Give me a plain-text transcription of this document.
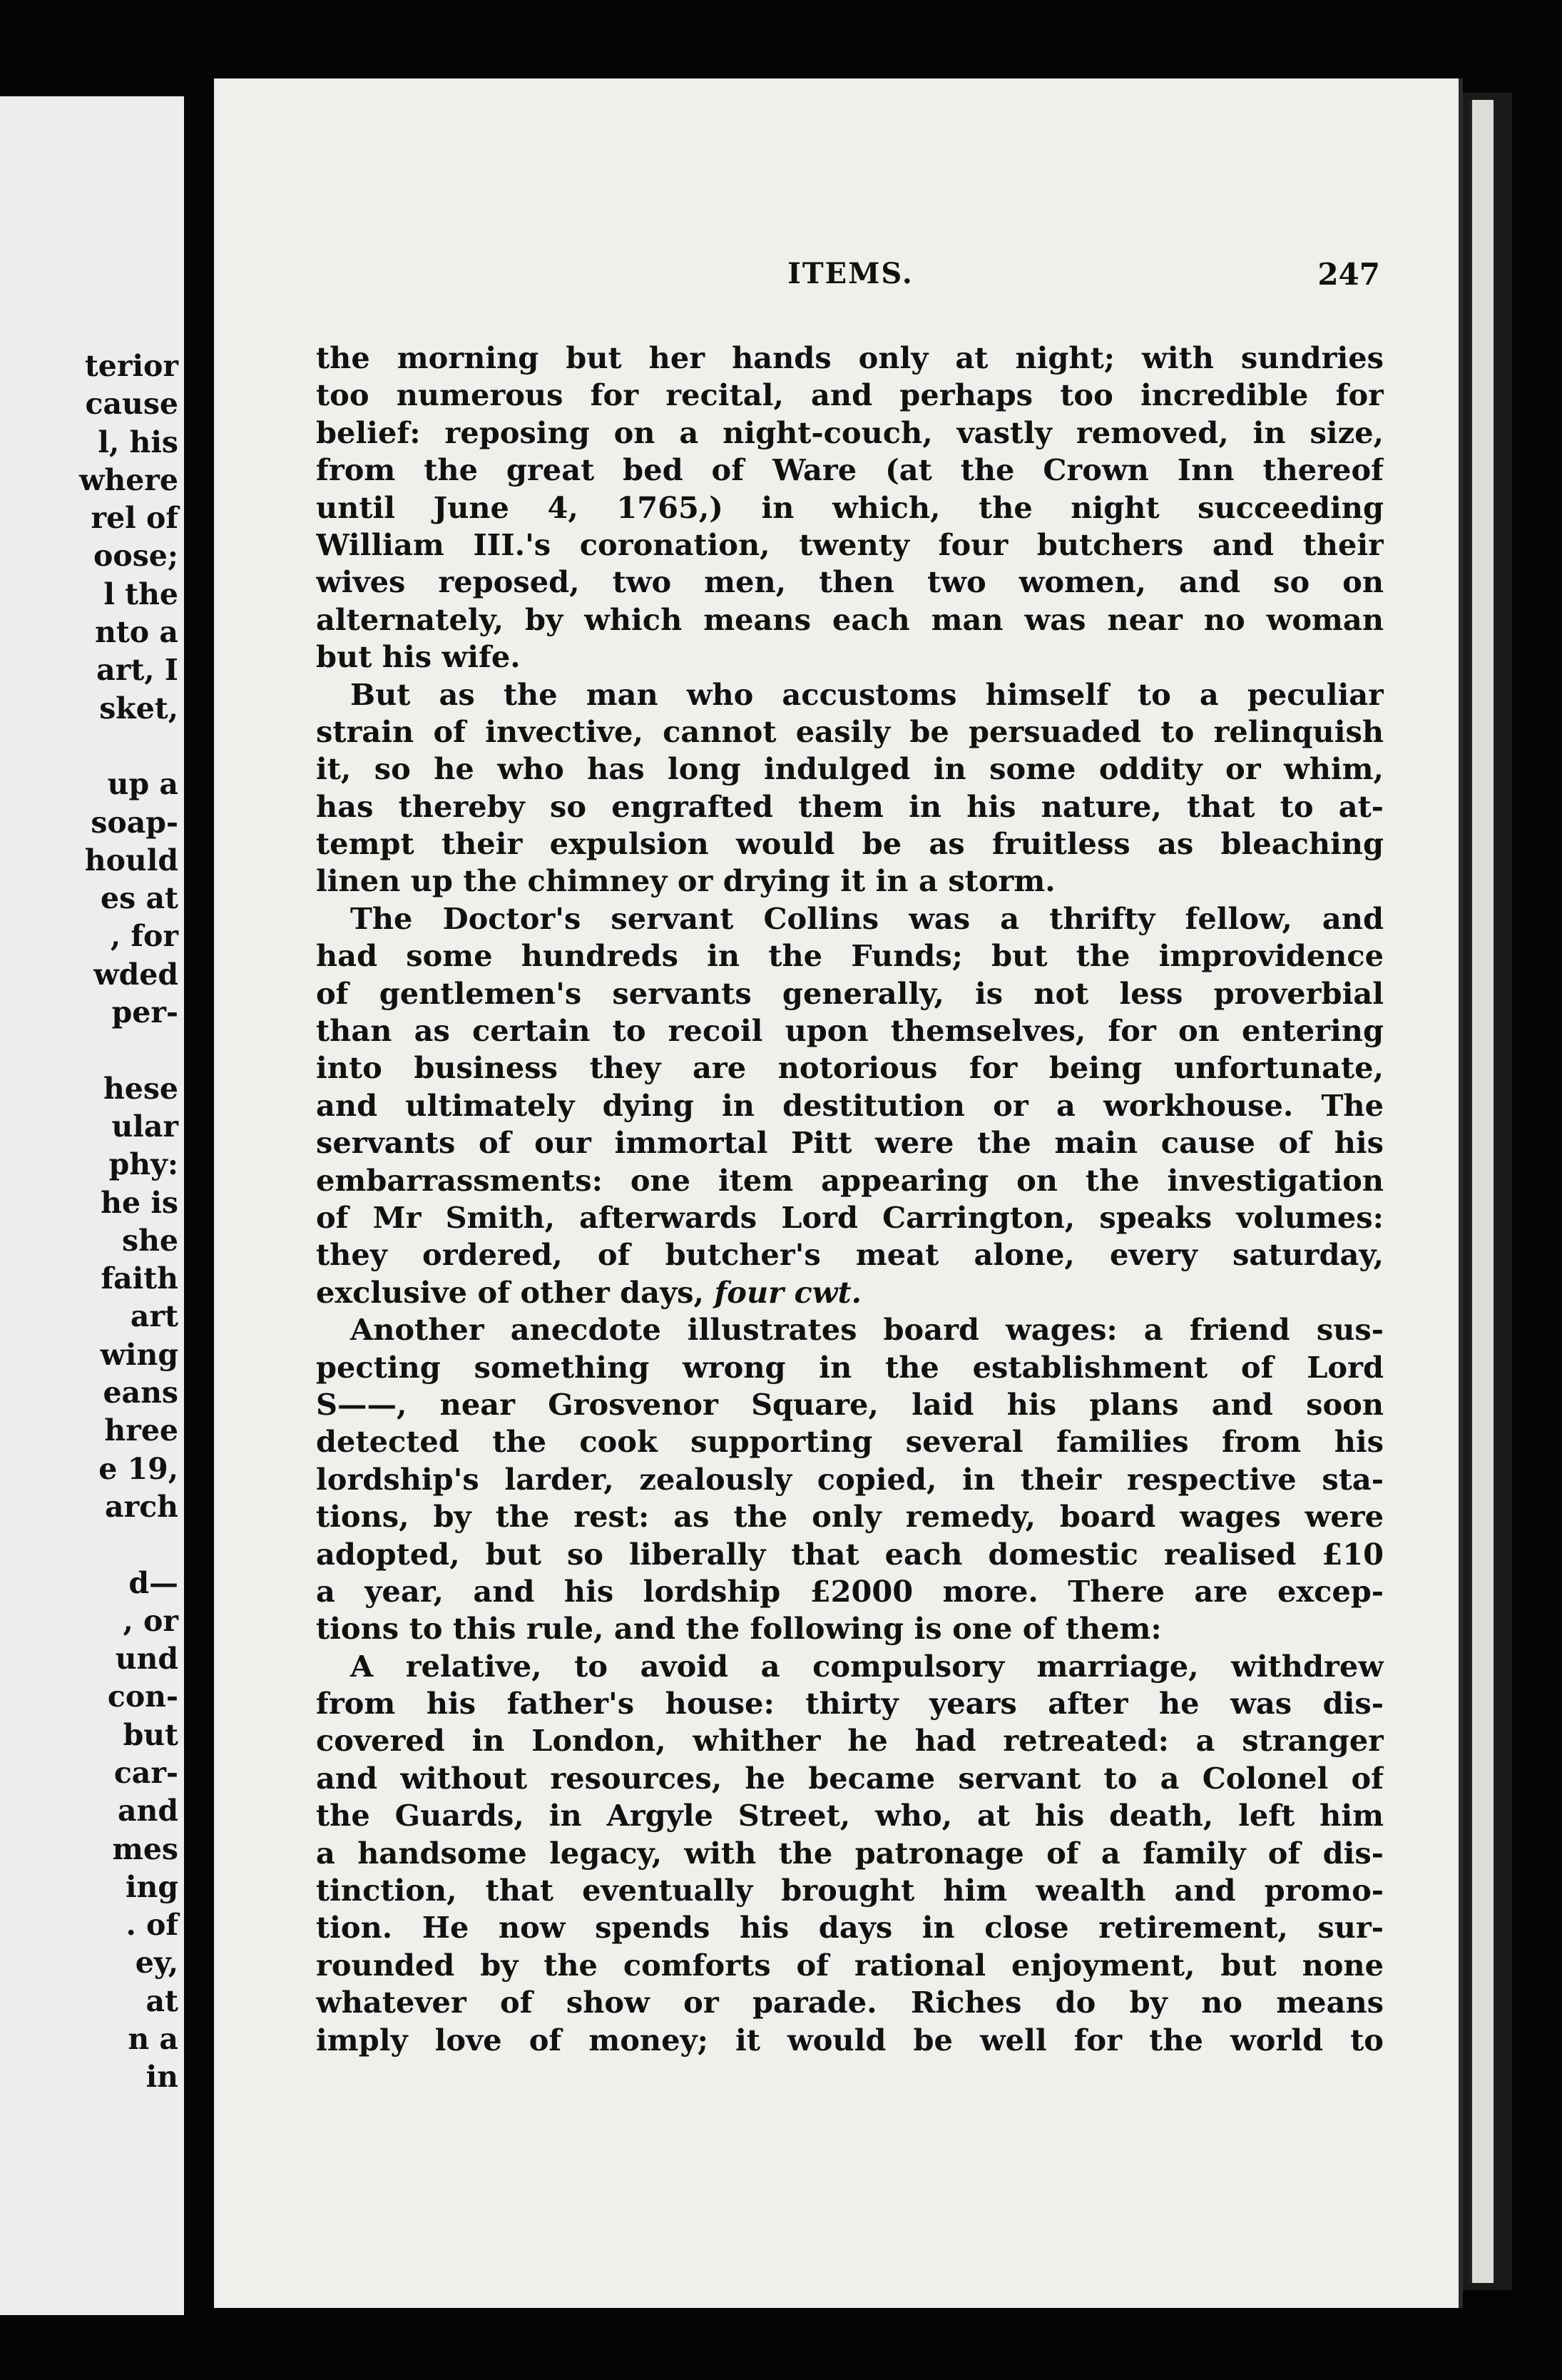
terior
cause
l, his
where
rel of
oose;
l the
nto a
art, I
sket,
up a
soap-
hould
es at
, for
wded
per-
hese
ular
phy:
he is
she
faith
art
wing
eans
hree
e 19,
arch
d—
, or
und
con-
but
car-
and
mes
ing
. of
ey,
at
n a
in
ITEMS.	247
the morning but her hands only at night; with sundries
too numerous for recital, and perhaps too incredible for
belief: reposing on a night-couch, vastly removed, in size,
from the great bed of Ware (at the Crown Inn thereof
until June 4, 1765,) in which, the night succeeding
William III.'s coronation, twenty four butchers and their
wives reposed, two men, then two women, and so on
alternately, by which means each man was near no woman
but his wife.
But as the man who accustoms himself to a peculiar
strain of invective, cannot easily be persuaded to relinquish
it, so he who has long indulged in some oddity or whim,
has thereby so engrafted them in his nature, that to at-
tempt their expulsion would be as fruitless as bleaching
linen up the chimney or drying it in a storm.
The Doctor's servant Collins was a thrifty fellow, and
had some hundreds in the Funds; but the improvidence
of gentlemen's servants generally, is not less proverbial
than as certain to recoil upon themselves, for on entering
into business they are notorious for being unfortunate,
and ultimately dying in destitution or a workhouse. The
servants of our immortal Pitt were the main cause of his
embarrassments: one item appearing on the investigation
of Mr Smith, afterwards Lord Carrington, speaks volumes:
they ordered, of butcher's meat alone, every saturday,
exclusive of other days, four cwt.
Another anecdote illustrates board wages: a friend sus-
pecting something wrong in the establishment of Lord
S——, near Grosvenor Square, laid his plans and soon
detected the cook supporting several families from his
lordship's larder, zealously copied, in their respective sta-
tions, by the rest: as the only remedy, board wages were
adopted, but so liberally that each domestic realised £10
a year, and his lordship £2000 more. There are excep-
tions to this rule, and the following is one of them:
A relative, to avoid a compulsory marriage, withdrew
from his father's house: thirty years after he was dis-
covered in London, whither he had retreated: a stranger
and without resources, he became servant to a Colonel of
the Guards, in Argyle Street, who, at his death, left him
a handsome legacy, with the patronage of a family of dis-
tinction, that eventually brought him wealth and promo-
tion. He now spends his days in close retirement, sur-
rounded by the comforts of rational enjoyment, but none
whatever of show or parade. Riches do by no means
imply love of money; it would be well for the world to
